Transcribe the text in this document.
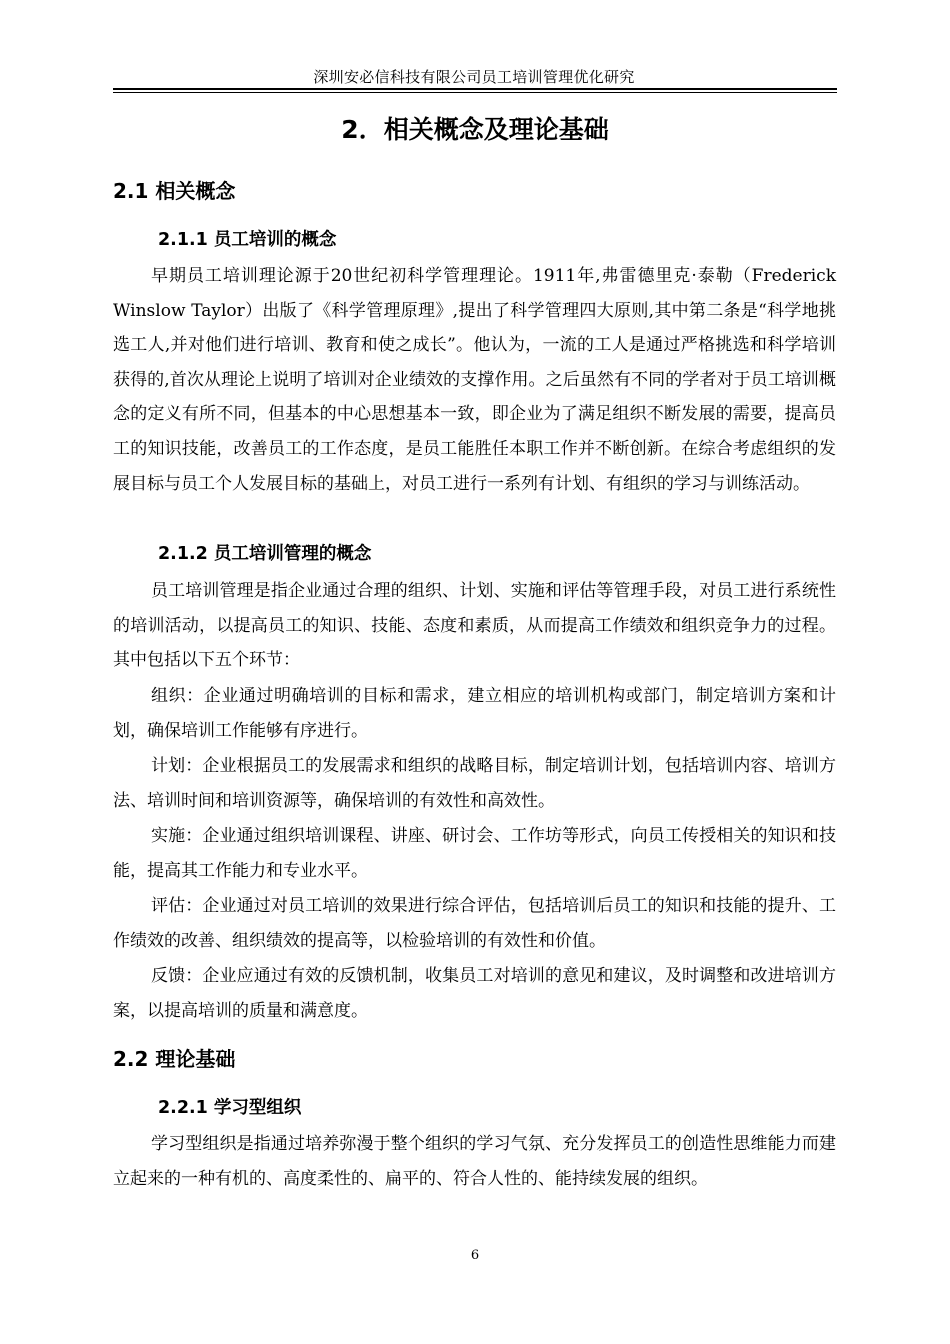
深圳安必信科技有限公司员工培训管理优化研究
2．相关概念及理论基础
2.1 相关概念
2.1.1 员工培训的概念

早期员工培训理论源于20世纪初科学管理理论。1911年,弗雷德里克·泰勒（Frederick Winslow Taylor）出版了《科学管理原理》,提出了科学管理四大原则,其中第二条是“科学地挑选工人,并对他们进行培训、教育和使之成长”。他认为，一流的工人是通过严格挑选和科学培训获得的,首次从理论上说明了培训对企业绩效的支撑作用。之后虽然有不同的学者对于员工培训概念的定义有所不同，但基本的中心思想基本一致，即企业为了满足组织不断发展的需要，提高员工的知识技能，改善员工的工作态度，是员工能胜任本职工作并不断创新。在综合考虑组织的发展目标与员工个人发展目标的基础上，对员工进行一系列有计划、有组织的学习与训练活动。

2.1.2 员工培训管理的概念

员工培训管理是指企业通过合理的组织、计划、实施和评估等管理手段，对员工进行系统性的培训活动，以提高员工的知识、技能、态度和素质，从而提高工作绩效和组织竞争力的过程。其中包括以下五个环节：

组织：企业通过明确培训的目标和需求，建立相应的培训机构或部门，制定培训方案和计划，确保培训工作能够有序进行。

计划：企业根据员工的发展需求和组织的战略目标，制定培训计划，包括培训内容、培训方法、培训时间和培训资源等，确保培训的有效性和高效性。

实施：企业通过组织培训课程、讲座、研讨会、工作坊等形式，向员工传授相关的知识和技能，提高其工作能力和专业水平。

评估：企业通过对员工培训的效果进行综合评估，包括培训后员工的知识和技能的提升、工作绩效的改善、组织绩效的提高等，以检验培训的有效性和价值。

反馈：企业应通过有效的反馈机制，收集员工对培训的意见和建议，及时调整和改进培训方案，以提高培训的质量和满意度。

2.2 理论基础
2.2.1 学习型组织

学习型组织是指通过培养弥漫于整个组织的学习气氛、充分发挥员工的创造性思维能力而建立起来的一种有机的、高度柔性的、扁平的、符合人性的、能持续发展的组织。

6
